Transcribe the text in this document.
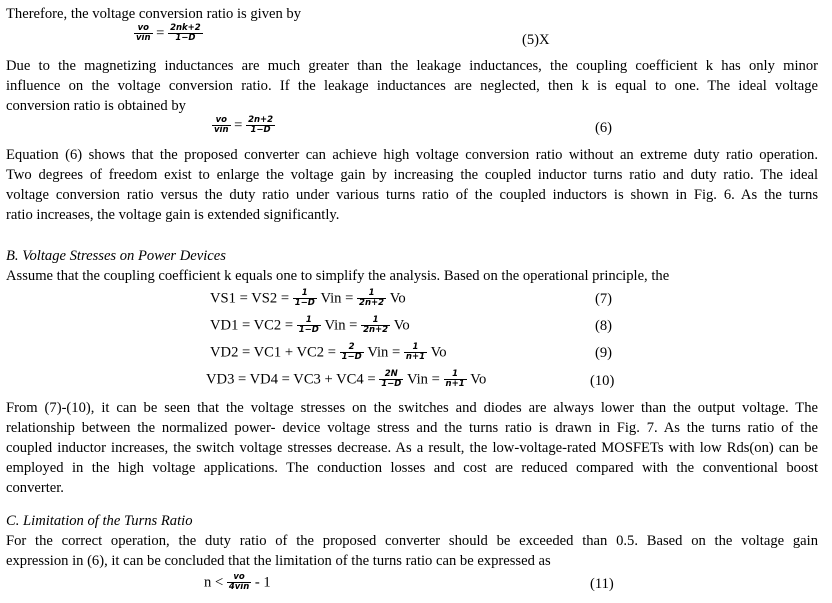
Therefore, the voltage conversion ratio is given by
$\frac{vo}{\text{vin}} = \frac{2nk+2}{1-D}$	(5)X
Due to the magnetizing inductances are much greater than the leakage inductances, the coupling coefficient k has only minor
influence on the voltage conversion ratio. If the leakage inductances are neglected, then k is equal to one. The ideal voltage
conversion ratio is obtained by
$\frac{vo}{\text{vin}} = \frac{2n+2}{1-D}$	(6)
Equation (6) shows that the proposed converter can achieve high voltage conversion ratio without an extreme duty ratio operation.
Two degrees of freedom exist to enlarge the voltage gain by increasing the coupled inductor turns ratio and duty ratio. The ideal
voltage conversion ratio versus the duty ratio under various turns ratio of the coupled inductors is shown in Fig. 6. As the turns
ratio increases, the voltage gain is extended significantly.
B. Voltage Stresses on Power Devices
Assume that the coupling coefficient k equals one to simplify the analysis. Based on the operational principle, the
$VS1 = VS2 = \frac{1}{1-D}$ Vin = $\frac{1}{2n+2}$ Vo	(7)
$VD1 = VC2 = \frac{1}{1-D}$ Vin = $\frac{1}{2n+2}$ Vo	(8)
$VD2 = VC1 + VC2 = \frac{2}{1-D}$ Vin = $\frac{1}{n+1}$ Vo	(9)
$VD3 = VD4 = VC3 + VC4 = \frac{2N}{1-D}$ Vin = $\frac{1}{n+1}$ Vo	(10)
From (7)-(10), it can be seen that the voltage stresses on the switches and diodes are always lower than the output voltage. The
relationship between the normalized power- device voltage stress and the turns ratio is drawn in Fig. 7. As the turns ratio of the
coupled inductor increases, the switch voltage stresses decrease. As a result, the low-voltage-rated MOSFETs with low Rds(on) can be
employed in the high voltage applications. The conduction losses and cost are reduced compared with the conventional boost
converter.
C. Limitation of the Turns Ratio
For the correct operation, the duty ratio of the proposed converter should be exceeded than 0.5. Based on the voltage gain
expression in (6), it can be concluded that the limitation of the turns ratio can be expressed as
$n < \frac{vo}{\text{4vin}} - 1$	(11)
